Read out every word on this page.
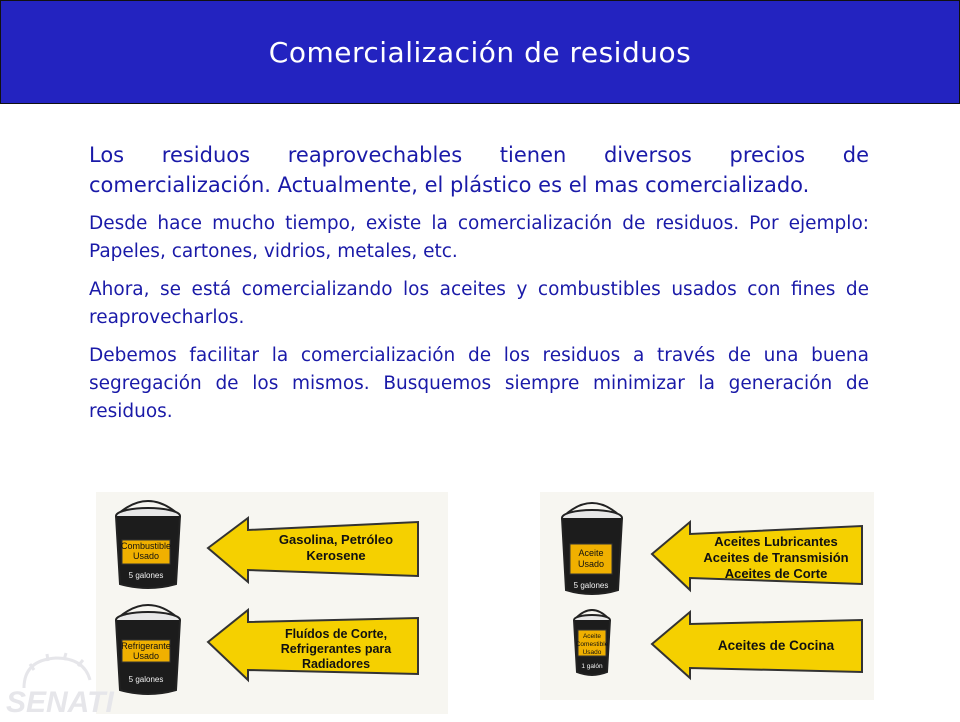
Comercialización de residuos

Los residuos reaprovechables tienen diversos precios de comercialización. Actualmente, el plástico es el mas comercializado.

Desde hace mucho tiempo, existe la comercialización de residuos. Por ejemplo: Papeles, cartones, vidrios, metales, etc.

Ahora, se está comercializando los aceites y combustibles usados con fines de reaprovecharlos.

Debemos facilitar la comercialización de los residuos a través de una buena segregación de los mismos. Busquemos siempre minimizar la generación de residuos.

Combustible
Usado
5 galones
Gasolina, Petróleo
Kerosene
Refrigerante
Usado
5 galones
Fluídos de Corte,
Refrigerantes para
Radiadores
Aceite
Usado
5 galones
Aceites Lubricantes
Aceites de Transmisión
Aceites de Corte
Aceite
Comestible
Usado
1 galón
Aceites de Cocina
SENATI
